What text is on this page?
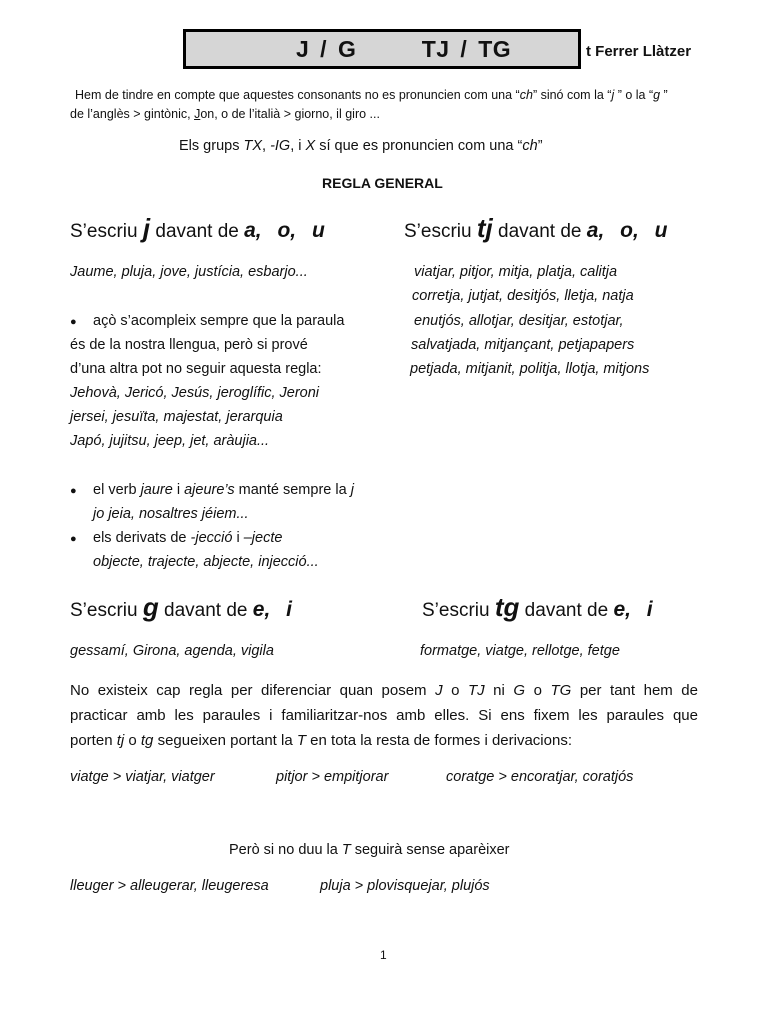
J / G      TJ / TG	t Ferrer Llàtzer
Hem de tindre en compte que aquestes consonants no es pronuncien com una “ch” sinó com la “j ” o la “g ”
de l’anglès > gintònic, Jon, o de l’italià > giorno, il giro ...
Els grups TX, -IG, i X sí que es pronuncien com una “ch”
REGLA GENERAL
S’escriu j davant de a, o, u	S’escriu tj davant de a, o, u
Jaume, pluja, jove, justícia, esbarjo...	viatjar, pitjor, mitja, platja, calitja
corretja, jutjat, desitjós, lletja, natja
enutjós, allotjar, desitjar, estotjar,
salvatjada, mitjançant, petjapapers
petjada, mitjanit, politja, llotja, mitjons
● açò s’acompleix sempre que la paraula
és de la nostra llengua, però si prové
d’una altra pot no seguir aquesta regla:
Jehovà, Jericó, Jesús, jeroglífic, Jeroni
jersei, jesuïta, majestat, jerarquia
Japó, jujitsu, jeep, jet, aràujia...
● el verb jaure i ajeure’s manté sempre la j
jo jeia, nosaltres jéiem...
● els derivats de -jecció i –jecte
objecte, trajecte, abjecte, injecció...
S’escriu g davant de e, i	S’escriu tg davant de e, i
gessamí, Girona, agenda, vigila	formatge, viatge, rellotge, fetge
No existeix cap regla per diferenciar quan posem J o TJ ni G o TG per tant hem de
practicar amb les paraules i familiaritzar-nos amb elles. Si ens fixem les paraules que
porten tj o tg segueixen portant la T en tota la resta de formes i derivacions:
viatge > viatjar, viatger	pitjor > empitjorar	coratge > encoratjar, coratjós
Però si no duu la T seguirà sense aparèixer
lleuger > alleugerar, lleugeresa	pluja > plovisquejar, plujós
1
